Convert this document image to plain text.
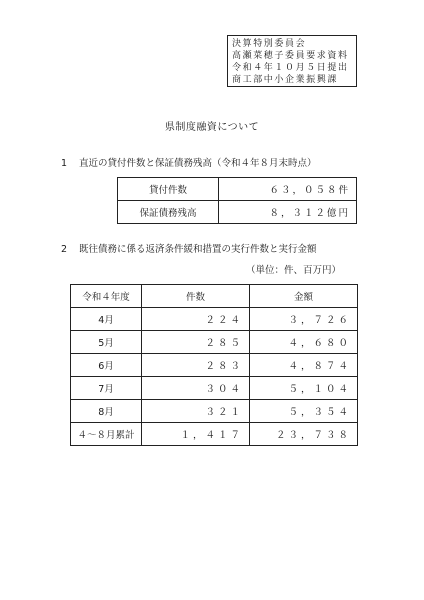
決算特別委員会
高瀬菜穂子委員要求資料
令和４年１０月５日提出
商工部中小企業振興課
県制度融資について
1 直近の貸付件数と保証債務残高（令和４年８月末時点）
貸付件数	６３，０５８件
保証債務残高	８，３１２億円
2 既往債務に係る返済条件緩和措置の実行件数と実行金額
（単位：件、百万円）
令和４年度	件数	金額
4月	２２４	３，７２６
5月	２８５	４，６８０
6月	２８３	４，８７４
7月	３０４	５，１０４
8月	３２１	５，３５４
４～８月累計	１，４１７	２３，７３８
